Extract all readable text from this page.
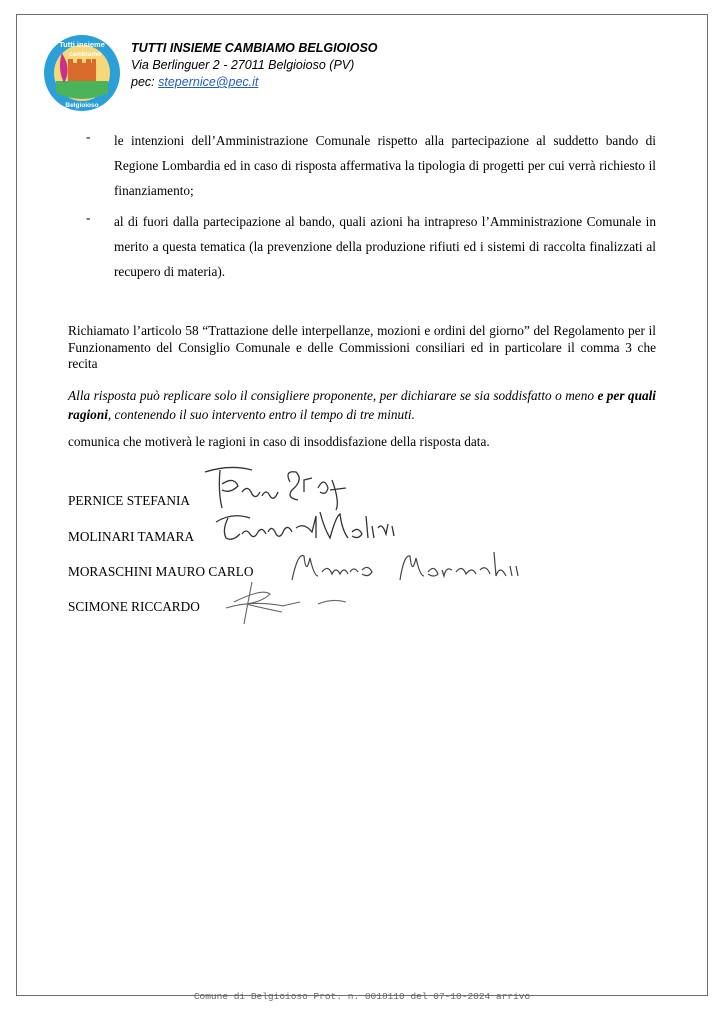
Tutti insieme
cambiamo
Belgioioso
TUTTI INSIEME CAMBIAMO BELGIOIOSO
Via Berlinguer 2 - 27011 Belgioioso (PV)
pec: stepernice@pec.it
-	le intenzioni dell’Amministrazione Comunale rispetto alla partecipazione al suddetto bando di Regione Lombardia ed in caso di risposta affermativa la tipologia di progetti per cui verrà richiesto il finanziamento;
-	al di fuori dalla partecipazione al bando, quali azioni ha intrapreso l’Amministrazione Comunale in merito a questa tematica (la prevenzione della produzione rifiuti ed i sistemi di raccolta finalizzati al recupero di materia).
Richiamato l’articolo 58 “Trattazione delle interpellanze, mozioni e ordini del giorno” del Regolamento per il Funzionamento del Consiglio Comunale e delle Commissioni consiliari ed in particolare il comma 3 che recita
Alla risposta può replicare solo il consigliere proponente, per dichiarare se sia soddisfatto o meno e per quali ragioni, contenendo il suo intervento entro il tempo di tre minuti.
comunica che motiverà le ragioni in caso di insoddisfazione della risposta data.
PERNICE STEFANIA
MOLINARI TAMARA
MORASCHINI MAURO CARLO
SCIMONE RICCARDO
Comune di Belgioioso Prot. n. 0018110 del 07-10-2024 arrivo
